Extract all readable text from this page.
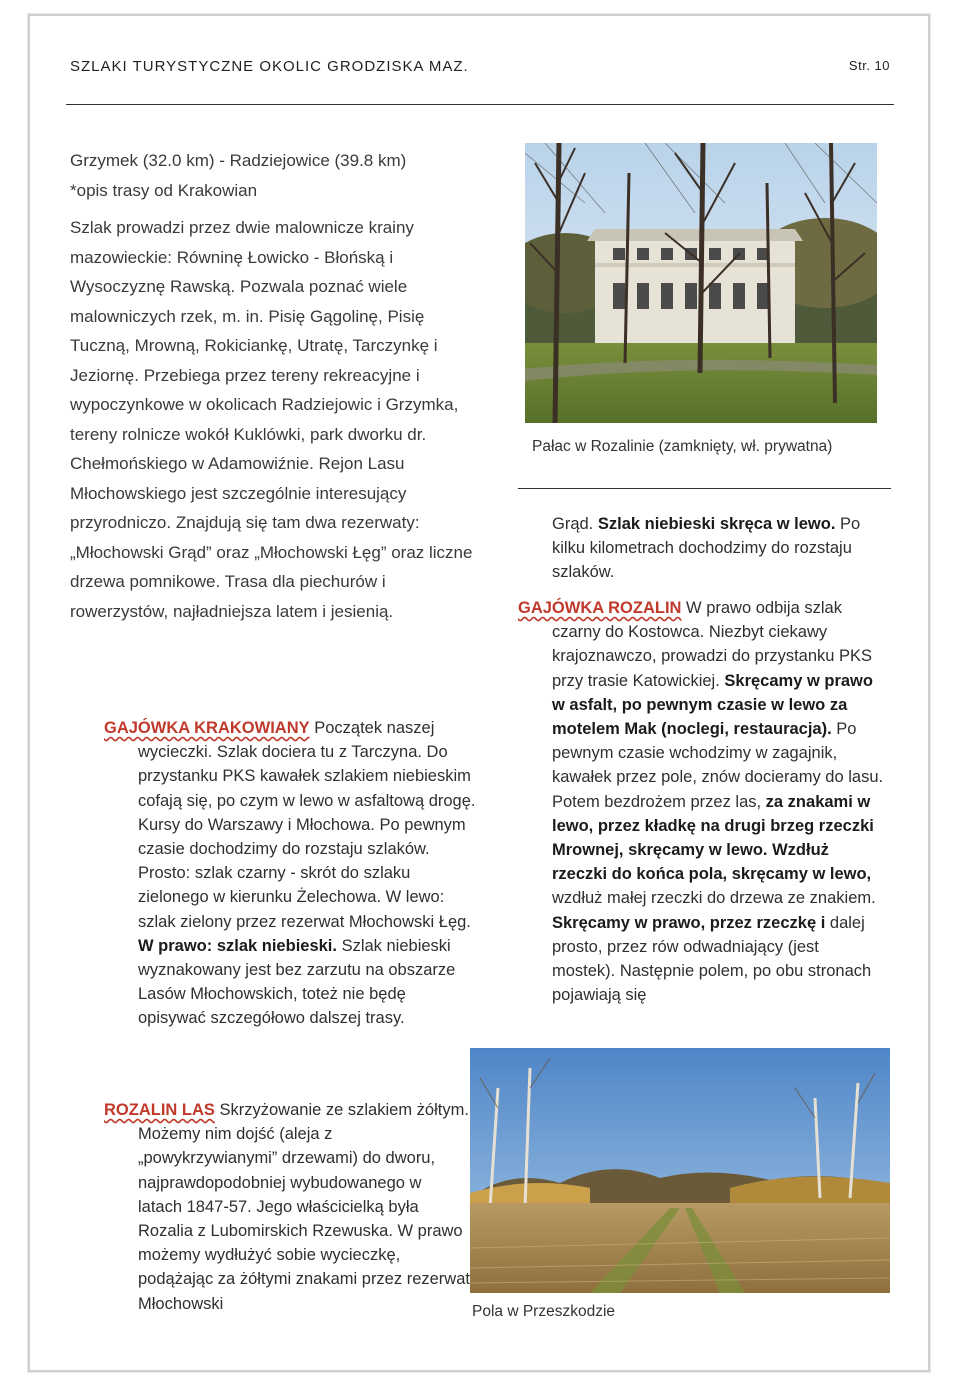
SZLAKI TURYSTYCZNE OKOLIC GRODZISKA MAZ.	Str. 10

Grzymek (32.0 km) - Radziejowice (39.8 km)

*opis trasy od Krakowian

Szlak prowadzi przez dwie malownicze krainy mazowieckie: Równinę Łowicko - Błońską i Wysoczyznę Rawską. Pozwala poznać wiele malowniczych rzek, m. in. Pisię Gągolinę, Pisię Tuczną, Mrowną, Rokiciankę, Utratę, Tarczynkę i Jeziornę. Przebiega przez tereny rekreacyjne i wypoczynkowe w okolicach Radziejowic i Grzymka, tereny rolnicze wokół Kuklówki, park dworku dr. Chełmońskiego w Adamowiźnie. Rejon Lasu Młochowskiego jest szczególnie interesujący przyrodniczo. Znajdują się tam dwa rezerwaty: „Młochowski Grąd” oraz „Młochowski Łęg” oraz liczne drzewa pomnikowe. Trasa dla piechurów i rowerzystów, najładniejsza latem i jesienią.

GAJÓWKA KRAKOWIANY Początek naszej wycieczki. Szlak dociera tu z Tarczyna. Do przystanku PKS kawałek szlakiem niebieskim cofają się, po czym w lewo w asfaltową drogę. Kursy do Warszawy i Młochowa. Po pewnym czasie dochodzimy do rozstaju szlaków. Prosto: szlak czarny - skrót do szlaku zielonego w kierunku Żelechowa. W lewo: szlak zielony przez rezerwat Młochowski Łęg. W prawo: szlak niebieski. Szlak niebieski wyznakowany jest bez zarzutu na obszarze Lasów Młochowskich, toteż nie będę opisywać szczegółowo dalszej trasy.

ROZALIN LAS Skrzyżowanie ze szlakiem żółtym. Możemy nim dojść (aleja z „powykrzywianymi” drzewami) do dworu, najprawdopodobniej wybudowanego w latach 1847-57. Jego właścicielką była Rozalia z Lubomirskich Rzewuska. W prawo możemy wydłużyć sobie wycieczkę, podążając za żółtymi znakami przez rezerwat Młochowski

Pałac w Rozalinie (zamknięty, wł. prywatna)

Grąd. Szlak niebieski skręca w lewo. Po kilku kilometrach dochodzimy do rozstaju szlaków.

GAJÓWKA ROZALIN W prawo odbija szlak czarny do Kostowca. Niezbyt ciekawy krajoznawczo, prowadzi do przystanku PKS przy trasie Katowickiej. Skręcamy w prawo w asfalt, po pewnym czasie w lewo za motelem Mak (noclegi, restauracja). Po pewnym czasie wchodzimy w zagajnik, kawałek przez pole, znów docieramy do lasu. Potem bezdrożem przez las, za znakami w lewo, przez kładkę na drugi brzeg rzeczki Mrownej, skręcamy w lewo. Wzdłuż rzeczki do końca pola, skręcamy w lewo, wzdłuż małej rzeczki do drzewa ze znakiem. Skręcamy w prawo, przez rzeczkę i dalej prosto, przez rów odwadniający (jest mostek). Następnie polem, po obu stronach pojawiają się

Pola w Przeszkodzie
